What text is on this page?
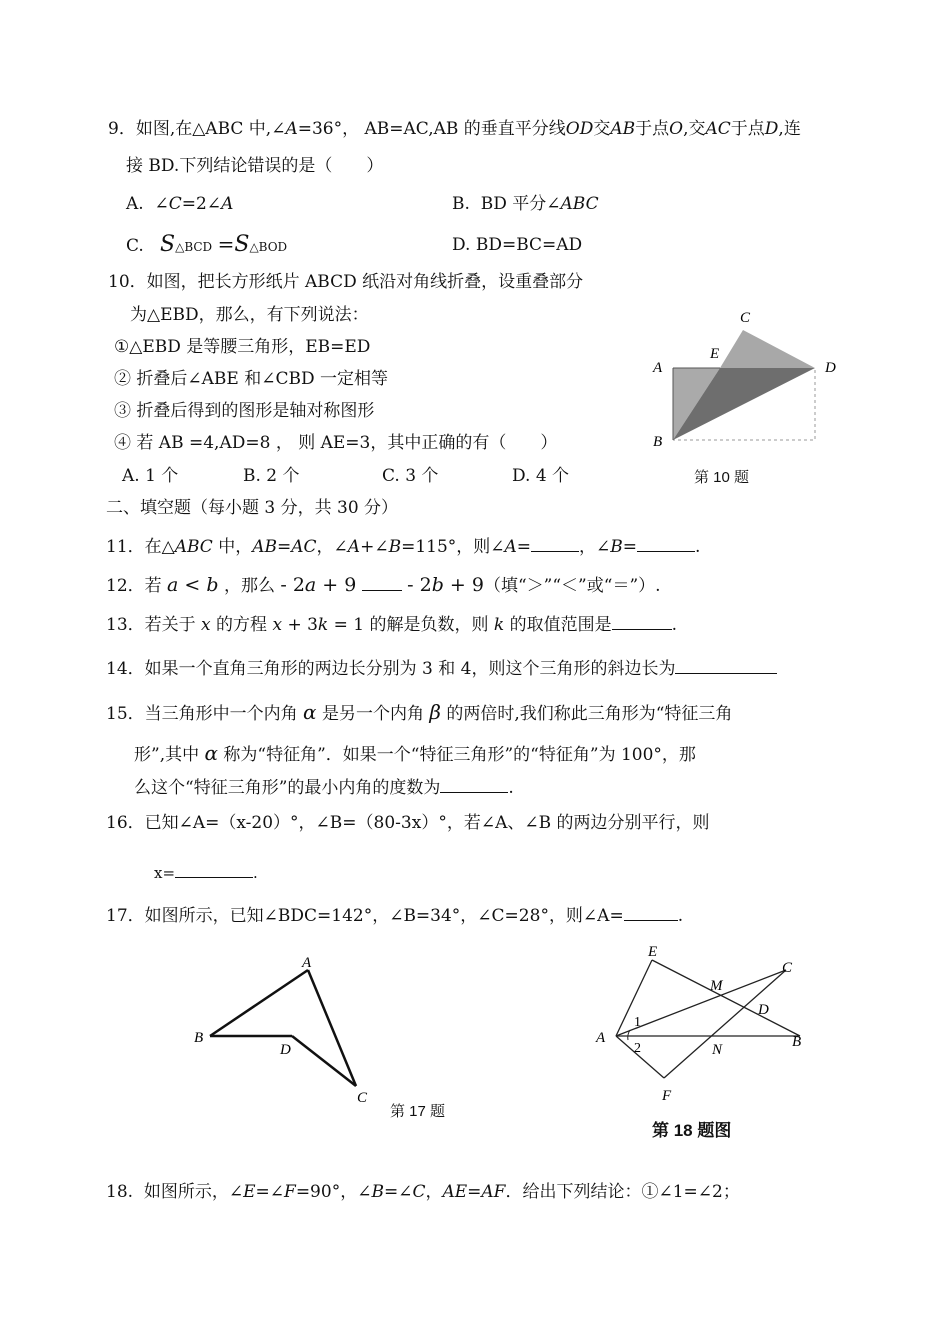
9．如图,在△ABC 中,∠A=36°， AB=AC,AB 的垂直平分线OD交AB于点O,交AC于点D,连
接 BD.下列结论错误的是（　　）
A.  ∠C=2∠A	B.  BD 平分∠ABC
C. S△BCD =S△BOD	D. BD=BC=AD
10．如图，把长方形纸片 ABCD 纸沿对角线折叠，设重叠部分
为△EBD，那么，有下列说法：
①△EBD 是等腰三角形，EB=ED
② 折叠后∠ABE 和∠CBD 一定相等
③ 折叠后得到的图形是轴对称图形
④ 若 AB =4,AD=8 ， 则 AE=3，其中正确的有（　　）
A. 1 个	B. 2 个	C. 3 个	D. 4 个
C
E
A	D
B
第 10 题
二、填空题（每小题 3 分，共 30 分）
11．在△ABC 中，AB=AC，∠A+∠B=115°，则∠A=	，∠B=	.
12．若 a < b ，那么 - 2a + 9	- 2b + 9（填“＞”“＜”或“＝”）.
13．若关于 x 的方程 x + 3k = 1 的解是负数，则 k 的取值范围是	.
14．如果一个直角三角形的两边长分别为 3 和 4，则这个三角形的斜边长为
15．当三角形中一个内角 α 是另一个内角 β 的两倍时,我们称此三角形为“特征三角
形”,其中 α 称为“特征角”．如果一个“特征三角形”的“特征角”为 100°，那
么这个“特征三角形”的最小内角的度数为	.
16．已知∠A=（x-20）°，∠B=（80-3x）°，若∠A、∠B 的两边分别平行，则
x=	.
17．如图所示，已知∠BDC=142°，∠B=34°，∠C=28°，则∠A=	.
A
B
D
C
第 17 题
E
C
M
D
A	B
N
F
1
2
第 18 题图
18.  如图所示，∠E=∠F=90°，∠B=∠C，AE=AF．给出下列结论：①∠1=∠2；
